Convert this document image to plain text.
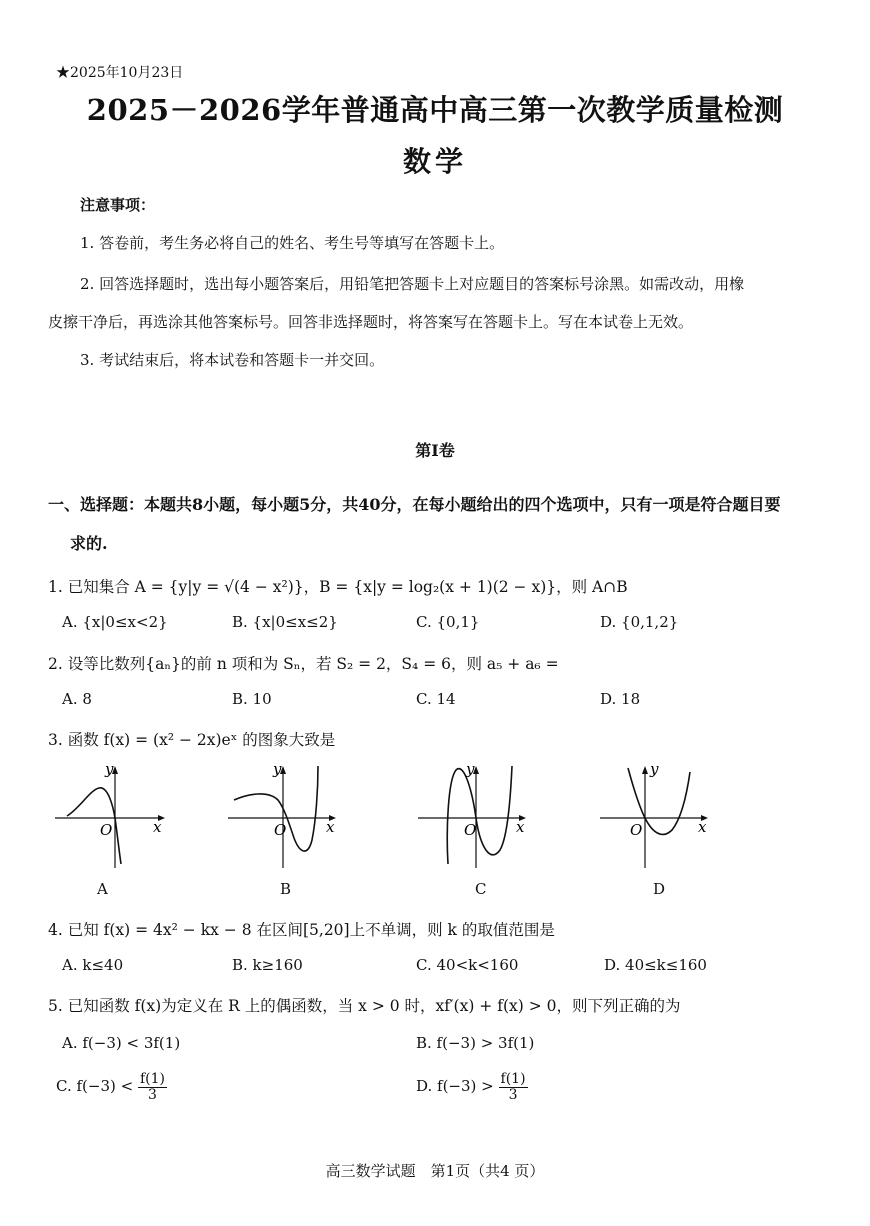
★2025年10月23日
2025－2026学年普通高中高三第一次教学质量检测
数学
注意事项：
1. 答卷前，考生务必将自己的姓名、考生号等填写在答题卡上。
2. 回答选择题时，选出每小题答案后，用铅笔把答题卡上对应题目的答案标号涂黑。如需改动，用橡
皮擦干净后，再选涂其他答案标号。回答非选择题时，将答案写在答题卡上。写在本试卷上无效。
3. 考试结束后，将本试卷和答题卡一并交回。
第Ⅰ卷
一、选择题：本题共8小题，每小题5分，共40分，在每小题给出的四个选项中，只有一项是符合题目要
求的.
1. 已知集合 A = {y|y = √(4 − x²)}，B = {x|y = log₂(x + 1)(2 − x)}，则 A∩B
A. {x|0≤x<2}	B. {x|0≤x≤2}	C. {0,1}	D. {0,1,2}
2. 设等比数列{aₙ}的前 n 项和为 Sₙ，若 S₂ = 2，S₄ = 6，则 a₅ + a₆ =
A. 8	B. 10	C. 14	D. 18
3. 函数 f(x) = (x² − 2x)eˣ 的图象大致是
y
x
O
A
y
x
O
B
y
x
O
C
y
x
O
D
4. 已知 f(x) = 4x² − kx − 8 在区间[5,20]上不单调，则 k 的取值范围是
A. k≤40	B. k≥160	C. 40<k<160	D. 40≤k≤160
5. 已知函数 f(x)为定义在 R 上的偶函数，当 x > 0 时，xf′(x) + f(x) > 0，则下列正确的为
A. f(−3) < 3f(1)	B. f(−3) > 3f(1)
C. $f(-3) < \frac{f(1)}{3}$	D. $f(-3) > \frac{f(1)}{3}$
高三数学试题　第1页（共4 页）
